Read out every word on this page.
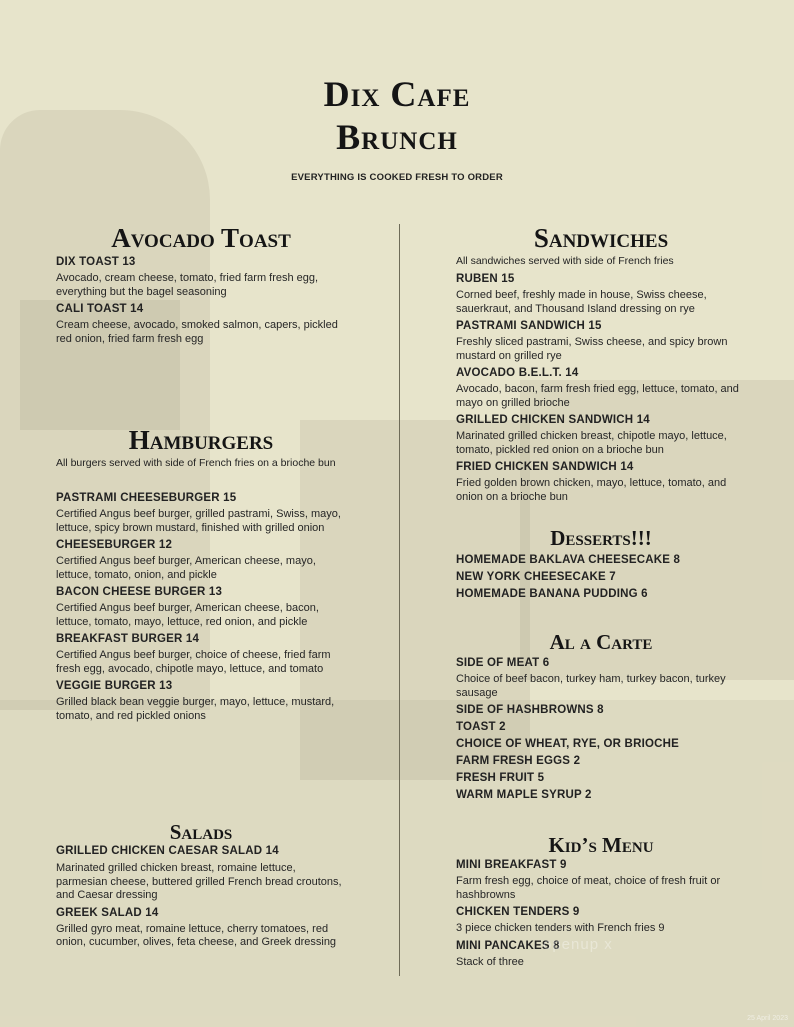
Dix Cafe
Brunch
EVERYTHING IS COOKED FRESH TO ORDER
Avocado Toast
DIX TOAST 13
Avocado, cream cheese, tomato, fried farm fresh egg, everything but the bagel seasoning
CALI TOAST 14
Cream cheese, avocado, smoked salmon, capers, pickled red onion, fried farm fresh egg
Hamburgers
All burgers served with side of French fries on a brioche bun
PASTRAMI CHEESEBURGER 15
Certified Angus beef burger, grilled pastrami, Swiss, mayo, lettuce, spicy brown mustard, finished with grilled onion
CHEESEBURGER 12
Certified Angus beef burger, American cheese, mayo, lettuce, tomato, onion, and pickle
BACON CHEESE BURGER 13
Certified Angus beef burger, American cheese, bacon, lettuce, tomato, mayo, lettuce, red onion, and pickle
BREAKFAST BURGER 14
Certified Angus beef burger, choice of cheese, fried farm fresh egg, avocado, chipotle mayo, lettuce, and tomato
VEGGIE BURGER 13
Grilled black bean veggie burger, mayo, lettuce, mustard, tomato, and red pickled onions
Salads
GRILLED CHICKEN CAESAR SALAD 14
Marinated grilled chicken breast, romaine lettuce, parmesian cheese, buttered grilled French bread croutons, and Caesar dressing
GREEK SALAD 14
Grilled gyro meat, romaine lettuce, cherry tomatoes, red onion, cucumber, olives, feta cheese, and Greek dressing
Sandwiches
All sandwiches served with side of French fries
RUBEN 15
Corned beef, freshly made in house, Swiss cheese, sauerkraut, and Thousand Island dressing on rye
PASTRAMI SANDWICH 15
Freshly sliced pastrami, Swiss cheese, and spicy brown mustard on grilled rye
AVOCADO B.E.L.T. 14
Avocado, bacon, farm fresh fried egg, lettuce, tomato, and mayo on grilled brioche
GRILLED CHICKEN SANDWICH 14
Marinated grilled chicken breast, chipotle mayo, lettuce, tomato, pickled red onion on a brioche bun
FRIED CHICKEN SANDWICH 14
Fried golden brown chicken, mayo, lettuce, tomato, and onion on a brioche bun
Desserts!!!
HOMEMADE BAKLAVA CHEESECAKE 8
NEW YORK CHEESECAKE 7
HOMEMADE BANANA PUDDING 6
Al a Carte
SIDE OF MEAT 6
Choice of beef bacon, turkey ham, turkey bacon, turkey sausage
SIDE OF HASHBROWNS 8
TOAST 2
CHOICE OF WHEAT, RYE, OR BRIOCHE
FARM FRESH EGGS 2
FRESH FRUIT 5
WARM MAPLE SYRUP 2
Kid’s Menu
MINI BREAKFAST 9
Farm fresh egg, choice of meat, choice of fresh fruit or hashbrowns
CHICKEN TENDERS 9
3 piece chicken tenders with French fries 9
MINI PANCAKES 8
Stack of three
openup x
25 April 2023
